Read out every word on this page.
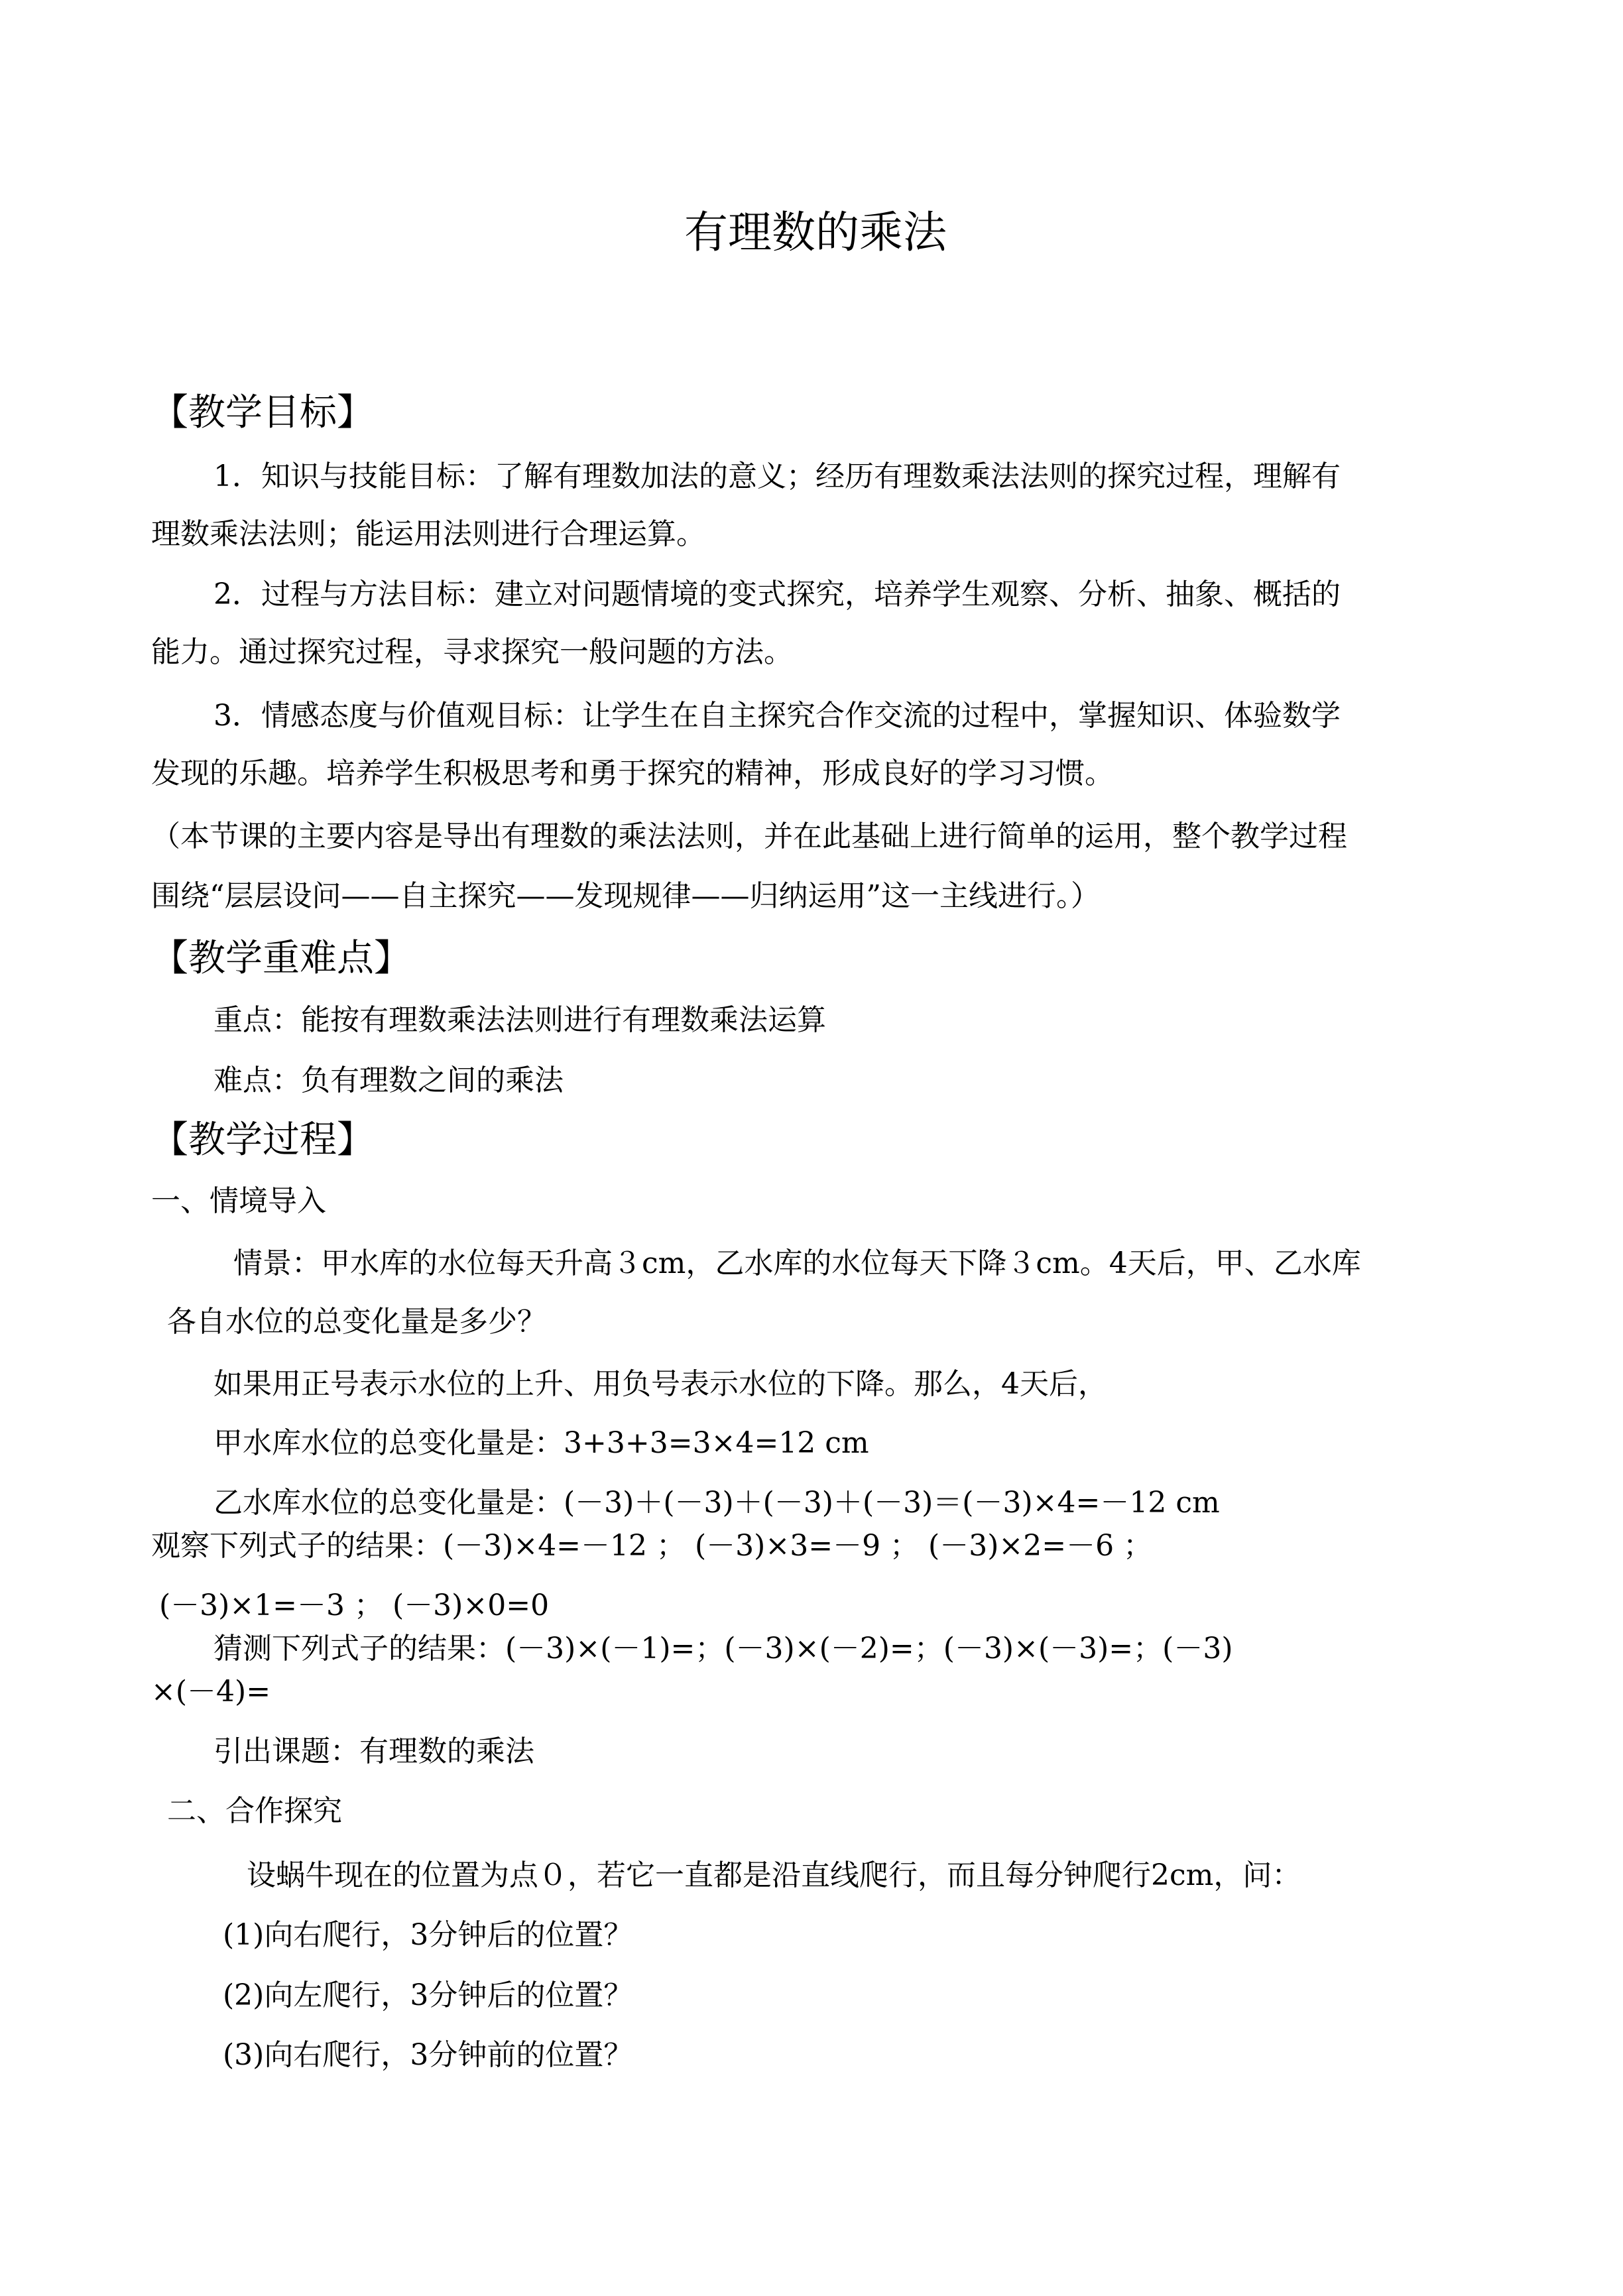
有理数的乘法
【教学目标】
1．知识与技能目标：了解有理数加法的意义；经历有理数乘法法则的探究过程，理解有
理数乘法法则；能运用法则进行合理运算。
2．过程与方法目标：建立对问题情境的变式探究，培养学生观察、分析、抽象、概括的
能力。通过探究过程，寻求探究一般问题的方法。
3．情感态度与价值观目标：让学生在自主探究合作交流的过程中，掌握知识、体验数学
发现的乐趣。培养学生积极思考和勇于探究的精神，形成良好的学习习惯。
（本节课的主要内容是导出有理数的乘法法则，并在此基础上进行简单的运用，整个教学过程
围绕“层层设问——自主探究——发现规律——归纳运用”这一主线进行。）
【教学重难点】
重点：能按有理数乘法法则进行有理数乘法运算
难点：负有理数之间的乘法
【教学过程】
一、情境导入
情景：甲水库的水位每天升高３cm，乙水库的水位每天下降３cm。4天后，甲、乙水库
各自水位的总变化量是多少？
如果用正号表示水位的上升、用负号表示水位的下降。那么，4天后，
甲水库水位的总变化量是：3+3+3=3×4=12 cm
乙水库水位的总变化量是：(－3)＋(－3)＋(－3)＋(－3)＝(－3)×4=－12 cm
观察下列式子的结果：(－3)×4=－12 ； (－3)×3=－9 ； (－3)×2=－6 ；
(－3)×1=－3 ； (－3)×0=0
猜测下列式子的结果：(－3)×(－1)=；(－3)×(－2)=；(－3)×(－3)=；(－3)
×(－4)=
引出课题：有理数的乘法
二、合作探究
设蜗牛现在的位置为点０，若它一直都是沿直线爬行，而且每分钟爬行2cm，问：
(1)向右爬行，3分钟后的位置？
(2)向左爬行，3分钟后的位置？
(3)向右爬行，3分钟前的位置？
